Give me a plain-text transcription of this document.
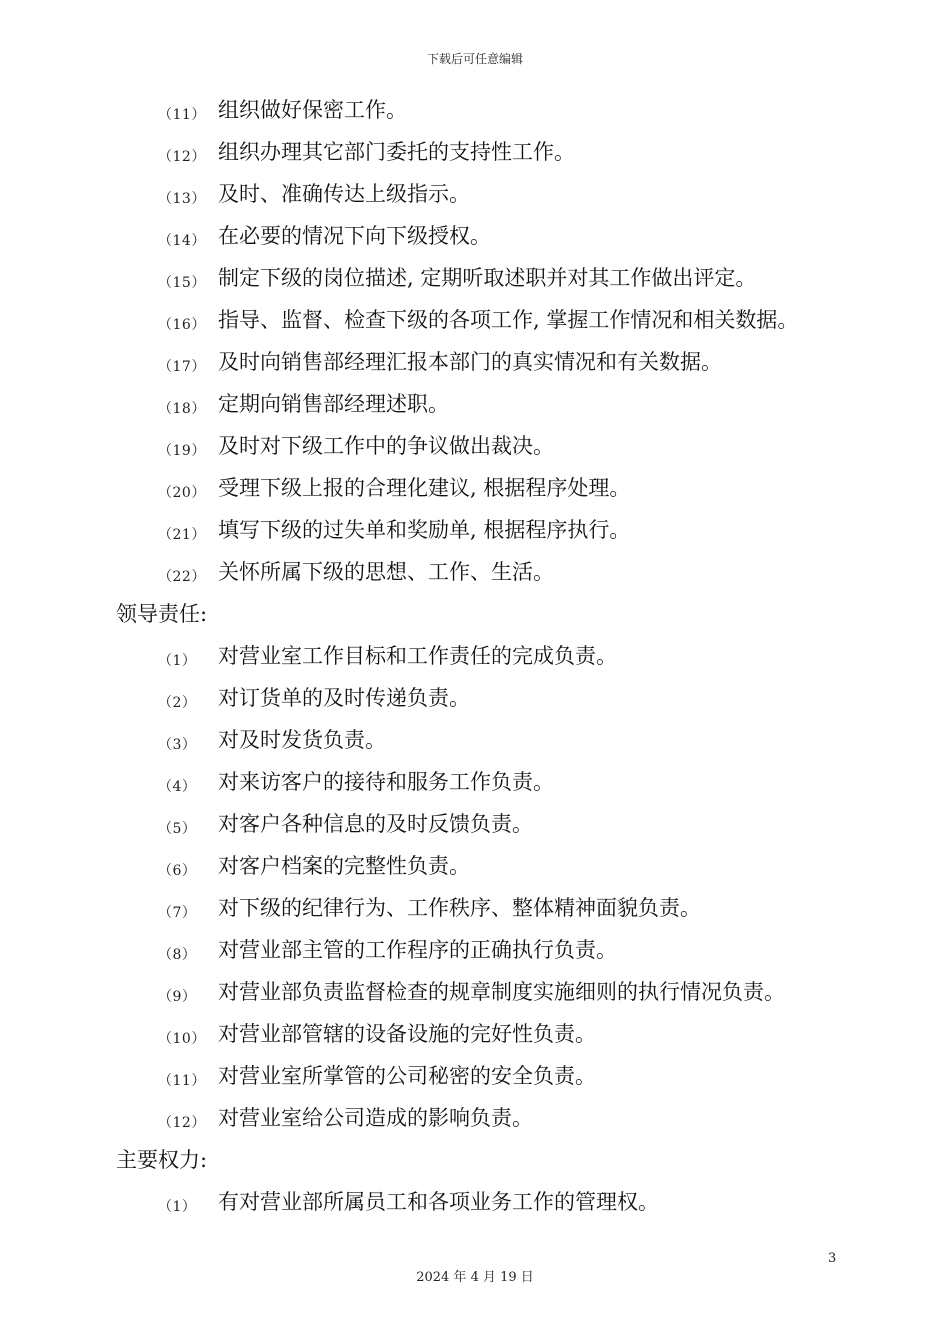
下载后可任意编辑
（11） 组织做好保密工作。
（12） 组织办理其它部门委托的支持性工作。
（13） 及时、准确传达上级指示。
（14） 在必要的情况下向下级授权。
（15） 制定下级的岗位描述, 定期听取述职并对其工作做出评定。
（16） 指导、监督、检查下级的各项工作, 掌握工作情况和相关数据。
（17） 及时向销售部经理汇报本部门的真实情况和有关数据。
（18） 定期向销售部经理述职。
（19） 及时对下级工作中的争议做出裁决。
（20） 受理下级上报的合理化建议, 根据程序处理。
（21） 填写下级的过失单和奖励单, 根据程序执行。
（22） 关怀所属下级的思想、工作、生活。
领导责任:
（1） 对营业室工作目标和工作责任的完成负责。
（2） 对订货单的及时传递负责。
（3） 对及时发货负责。
（4） 对来访客户的接待和服务工作负责。
（5） 对客户各种信息的及时反馈负责。
（6） 对客户档案的完整性负责。
（7） 对下级的纪律行为、工作秩序、整体精神面貌负责。
（8） 对营业部主管的工作程序的正确执行负责。
（9） 对营业部负责监督检查的规章制度实施细则的执行情况负责。
（10） 对营业部管辖的设备设施的完好性负责。
（11） 对营业室所掌管的公司秘密的安全负责。
（12） 对营业室给公司造成的影响负责。
主要权力:
（1） 有对营业部所属员工和各项业务工作的管理权。
3
2024 年 4 月 19 日
